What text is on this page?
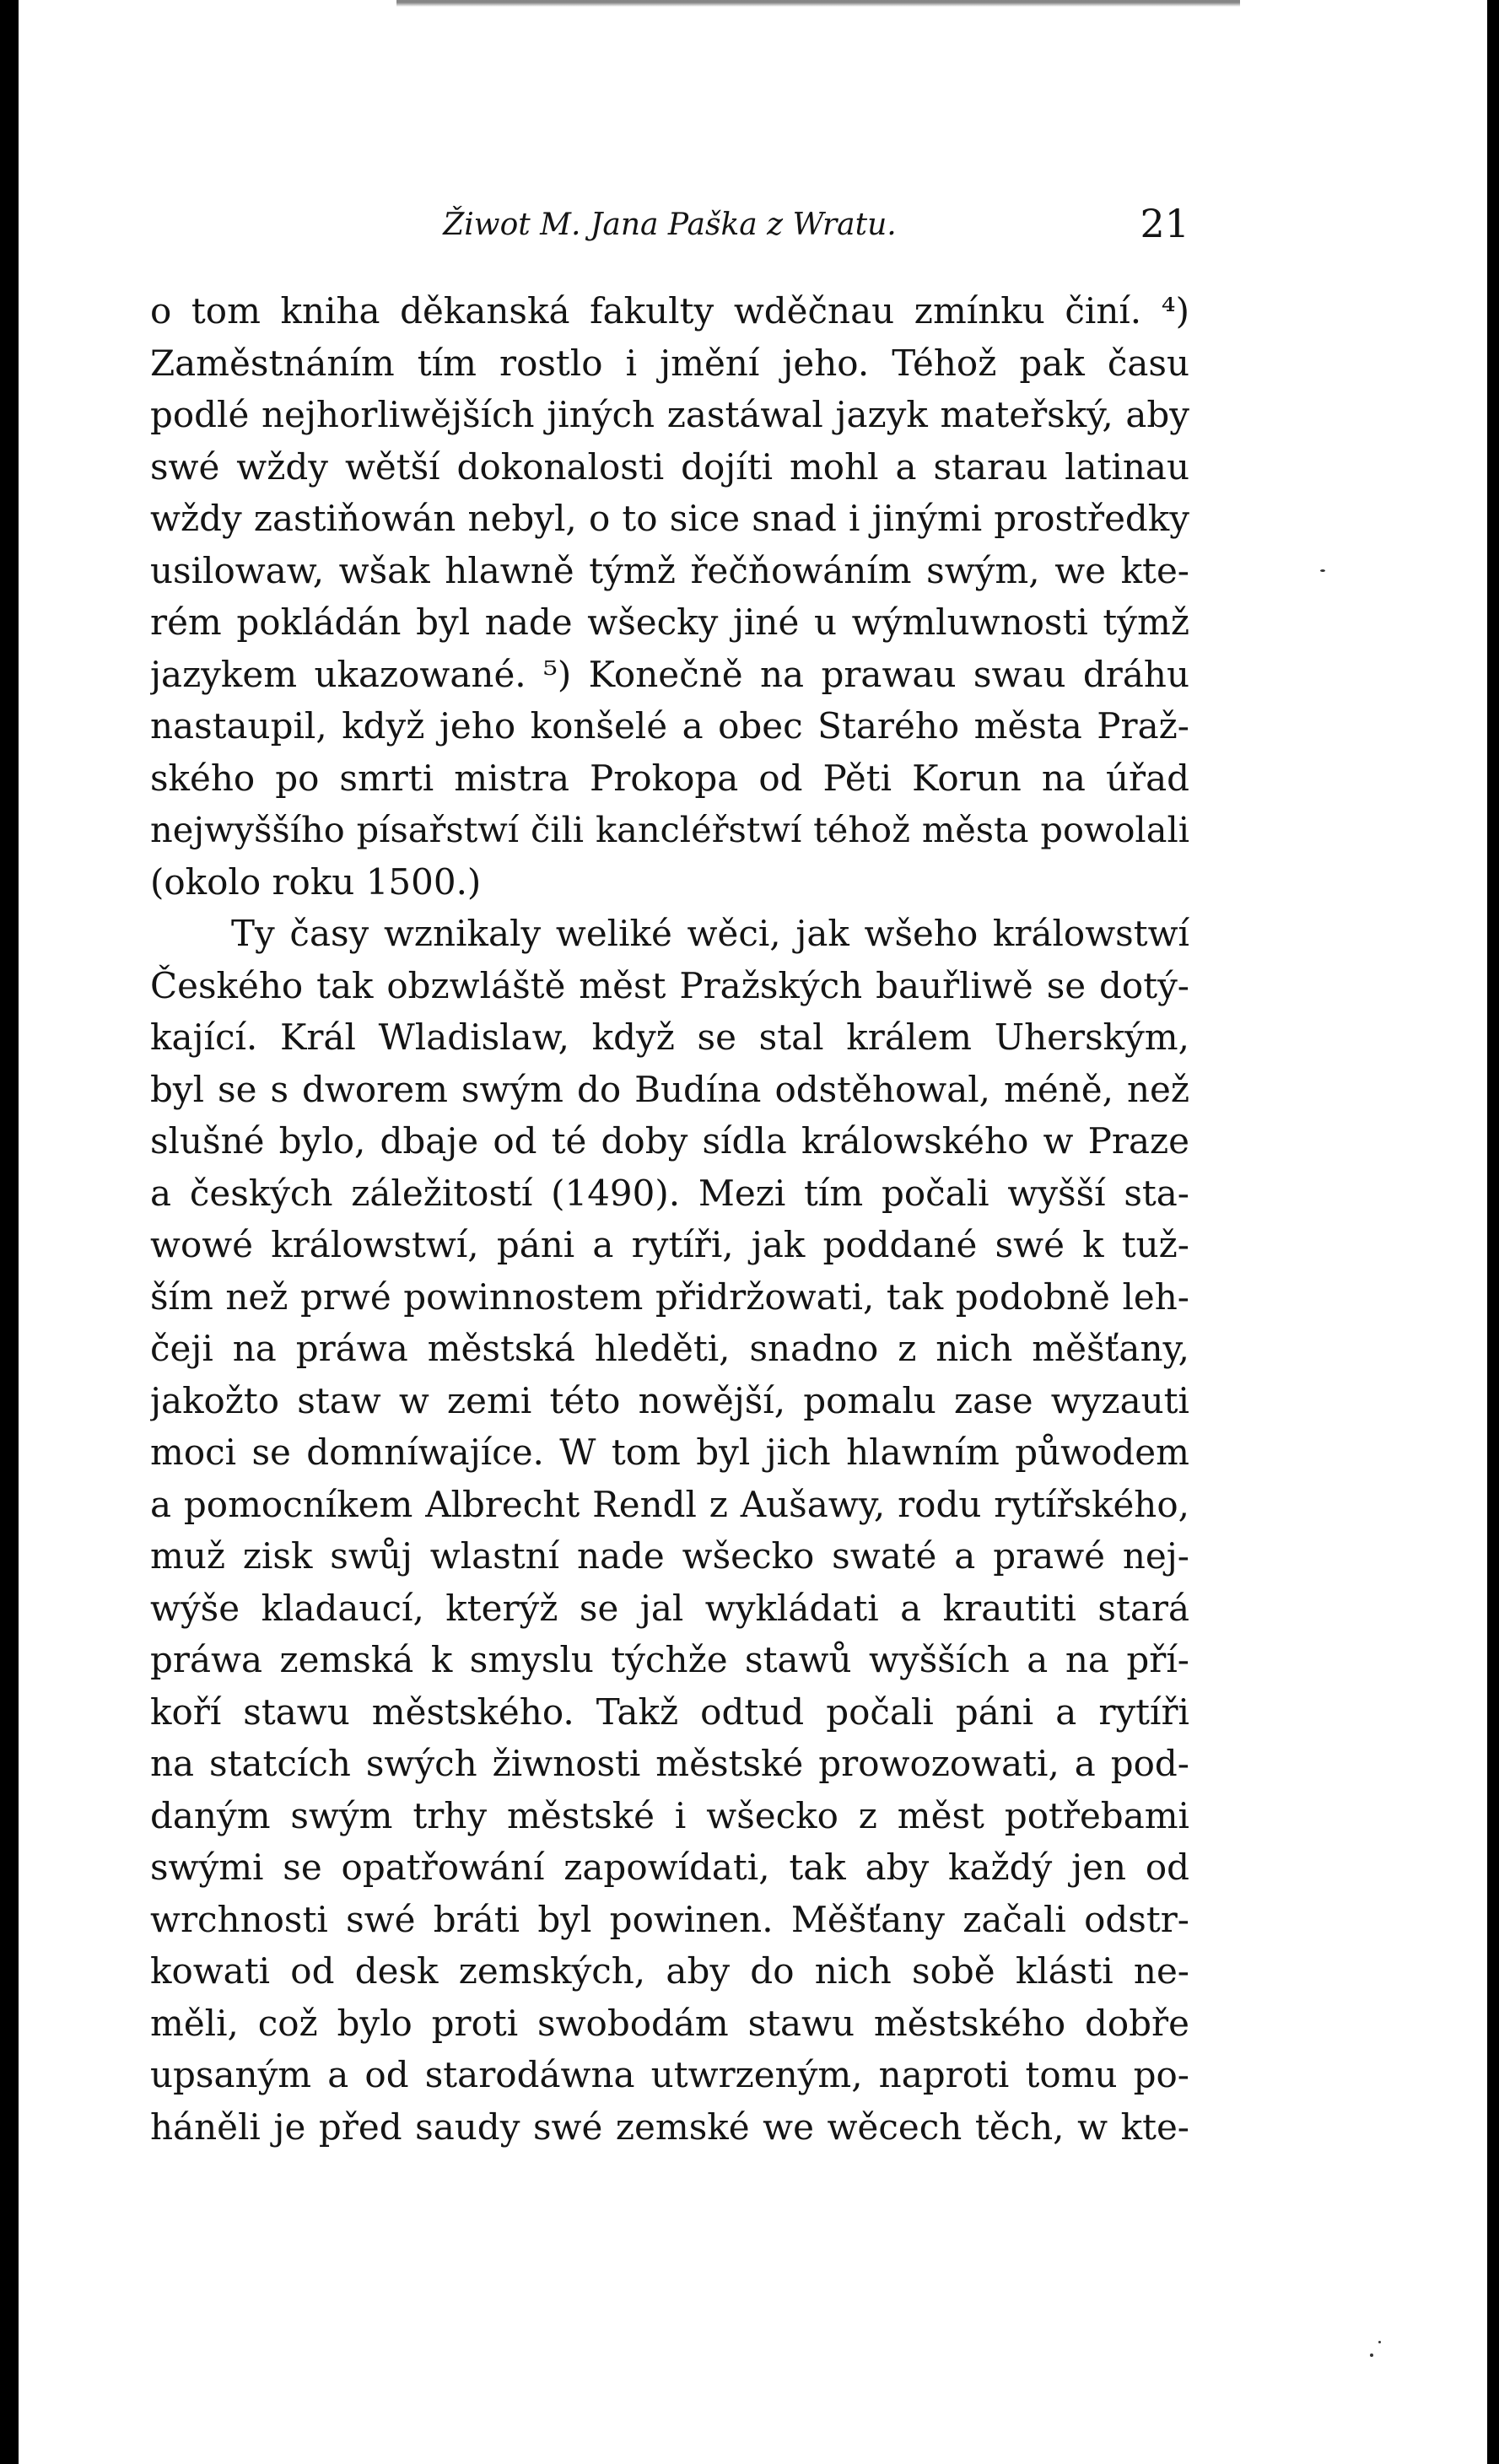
Žiwot M. Jana Paška z Wratu.	21
o tom kniha děkanská fakulty wděčnau zmínku činí. ⁴)
Zaměstnáním tím rostlo i jmění jeho. Téhož pak času
podlé nejhorliwějších jiných zastáwal jazyk mateřský, aby
swé wždy wětší dokonalosti dojíti mohl a starau latinau
wždy zastiňowán nebyl, o to sice snad i jinými prostředky
usilowaw, wšak hlawně týmž řečňowáním swým, we kte-
rém pokládán byl nade wšecky jiné u wýmluwnosti týmž
jazykem ukazowané. ⁵) Konečně na prawau swau dráhu
nastaupil, když jeho konšelé a obec Starého města Praž-
ského po smrti mistra Prokopa od Pěti Korun na úřad
nejwyššího písařstwí čili kancléřstwí téhož města powolali
(okolo roku 1500.)
Ty časy wznikaly weliké wěci, jak wšeho králowstwí
Českého tak obzwláště měst Pražských bauřliwě se dotý-
kající. Král Wladislaw, když se stal králem Uherským,
byl se s dworem swým do Budína odstěhowal, méně, než
slušné bylo, dbaje od té doby sídla králowského w Praze
a českých záležitostí (1490). Mezi tím počali wyšší sta-
wowé králowstwí, páni a rytíři, jak poddané swé k tuž-
ším než prwé powinnostem přidržowati, tak podobně leh-
čeji na práwa městská hleděti, snadno z nich měšťany,
jakožto staw w zemi této nowější, pomalu zase wyzauti
moci se domníwajíce. W tom byl jich hlawním půwodem
a pomocníkem Albrecht Rendl z Aušawy, rodu rytířského,
muž zisk swůj wlastní nade wšecko swaté a prawé nej-
wýše kladaucí, kterýž se jal wykládati a krautiti stará
práwa zemská k smyslu týchže stawů wyšších a na pří-
koří stawu městského. Takž odtud počali páni a rytíři
na statcích swých žiwnosti městské prowozowati, a pod-
daným swým trhy městské i wšecko z měst potřebami
swými se opatřowání zapowídati, tak aby každý jen od
wrchnosti swé bráti byl powinen. Měšťany začali odstr-
kowati od desk zemských, aby do nich sobě klásti ne-
měli, což bylo proti swobodám stawu městského dobře
upsaným a od starodáwna utwrzeným, naproti tomu po-
háněli je před saudy swé zemské we wěcech těch, w kte-
